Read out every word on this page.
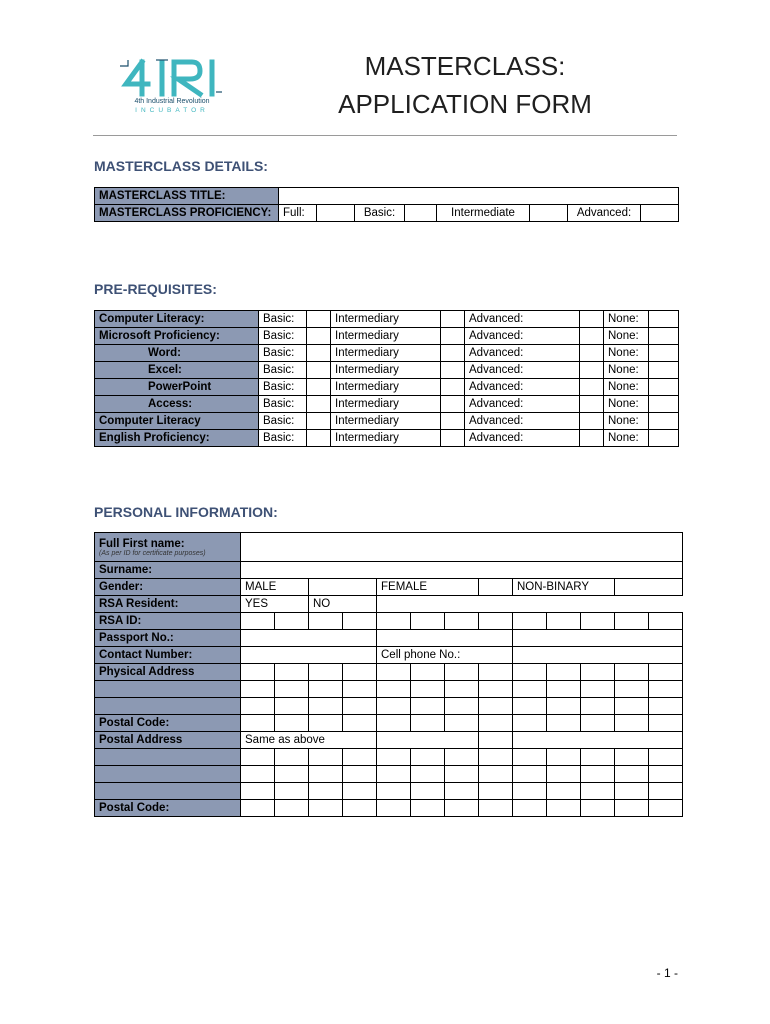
4th Industrial Revolution
INCUBATOR
MASTERCLASS:
APPLICATION FORM
MASTERCLASS DETAILS:
MASTERCLASS TITLE:								
MASTERCLASS PROFICIENCY:	Full:		Basic:		Intermediate		Advanced:	
PRE-REQUISITES:
Computer Literacy:	Basic:		Intermediary		Advanced:		None:	
Microsoft Proficiency:	Basic:		Intermediary		Advanced:		None:	
Word:	Basic:		Intermediary		Advanced:		None:	
Excel:	Basic:		Intermediary		Advanced:		None:	
PowerPoint	Basic:		Intermediary		Advanced:		None:	
Access:	Basic:		Intermediary		Advanced:		None:	
Computer Literacy	Basic:		Intermediary		Advanced:		None:	
English Proficiency:	Basic:		Intermediary		Advanced:		None:	
PERSONAL INFORMATION:
Full First name:
(As per ID for certificate purposes)													

Surname:													
Gender:	MALE				FEMALE				NON-BINARY				
RSA Resident:	YES		NO										
RSA ID:													
Passport No.:													
Contact Number:					Cell phone No.:								
Physical Address													

Postal Code:													
Postal Address	Same as above												

Postal Code:													
- 1 -
